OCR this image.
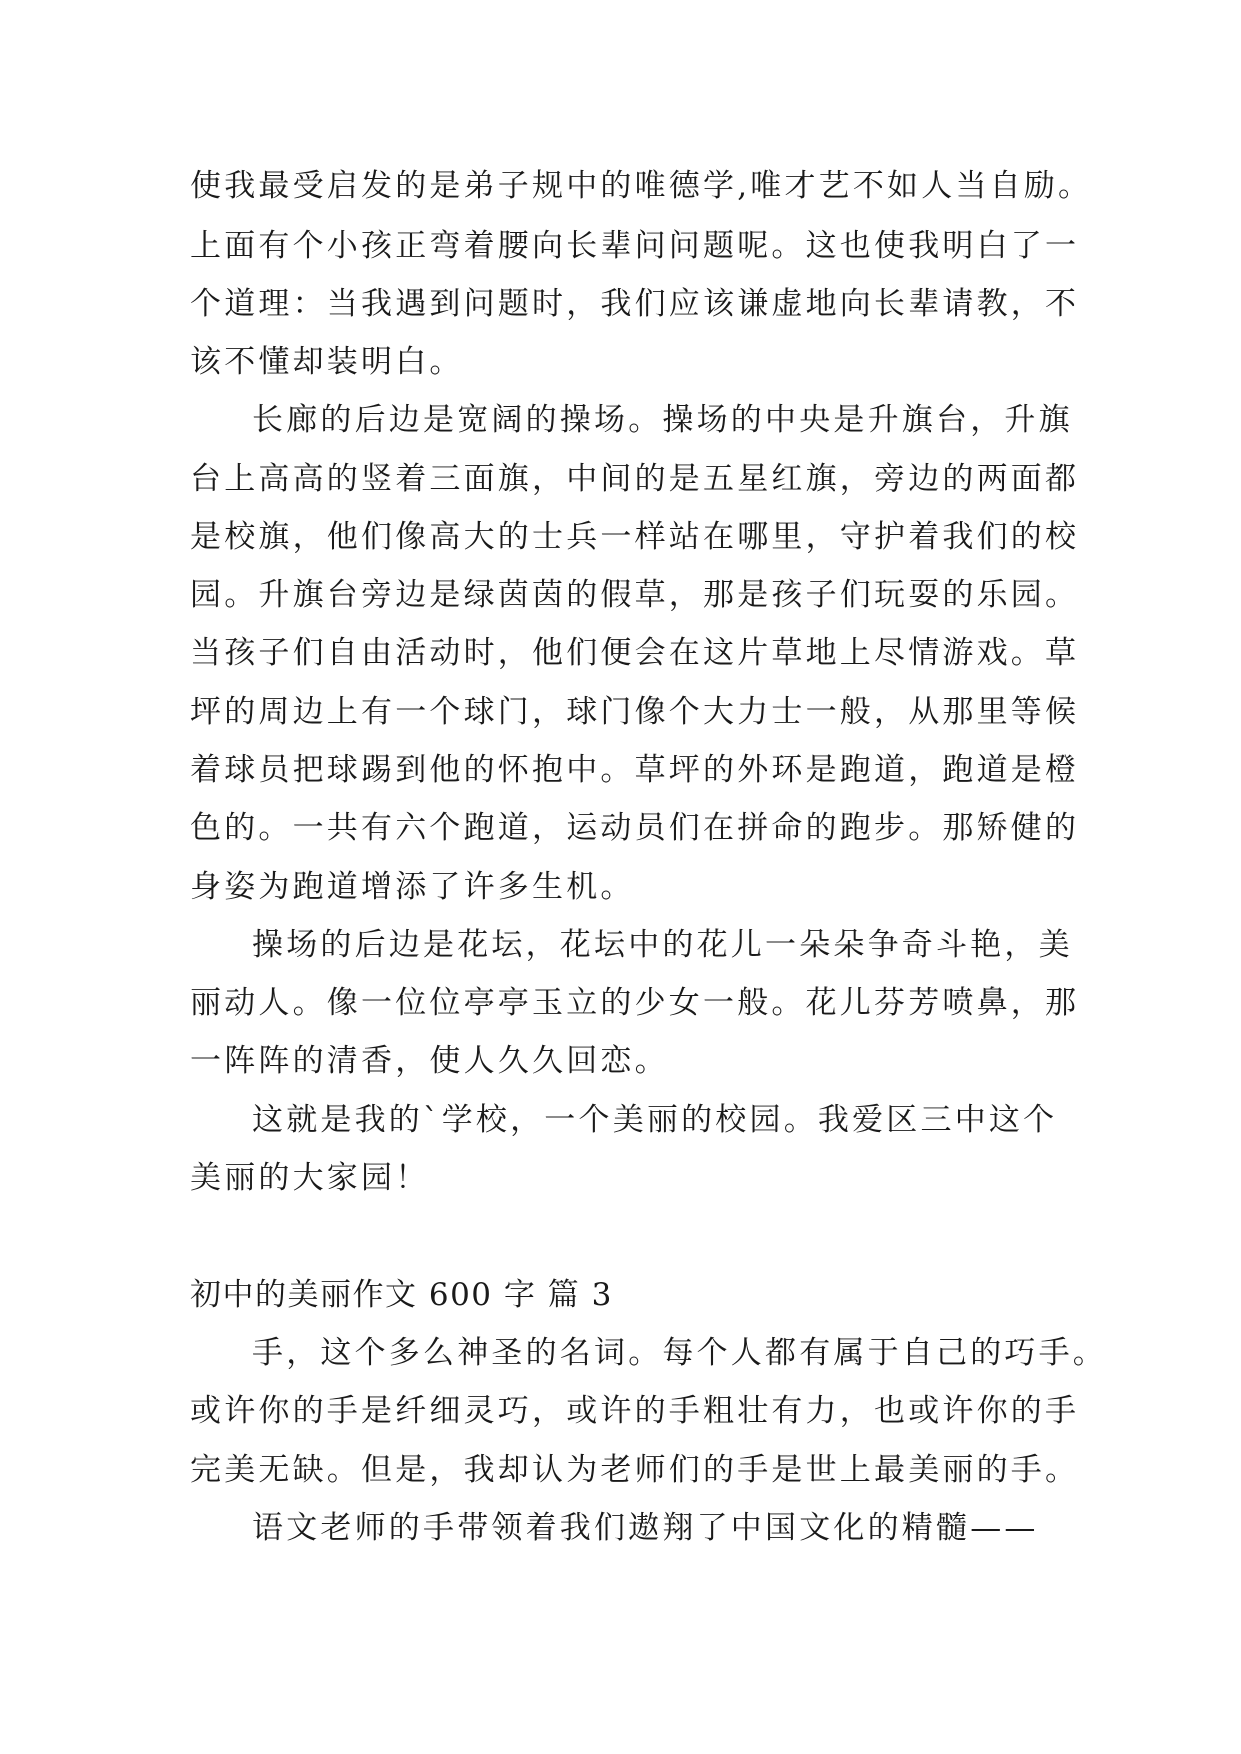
使我最受启发的是弟子规中的唯德学,唯才艺不如人当自励。
上面有个小孩正弯着腰向长辈问问题呢。这也使我明白了一
个道理：当我遇到问题时，我们应该谦虚地向长辈请教，不
该不懂却装明白。
长廊的后边是宽阔的操场。操场的中央是升旗台，升旗
台上高高的竖着三面旗，中间的是五星红旗，旁边的两面都
是校旗，他们像高大的士兵一样站在哪里，守护着我们的校
园。升旗台旁边是绿茵茵的假草，那是孩子们玩耍的乐园。
当孩子们自由活动时，他们便会在这片草地上尽情游戏。草
坪的周边上有一个球门，球门像个大力士一般，从那里等候
着球员把球踢到他的怀抱中。草坪的外环是跑道，跑道是橙
色的。一共有六个跑道，运动员们在拼命的跑步。那矫健的
身姿为跑道增添了许多生机。
操场的后边是花坛，花坛中的花儿一朵朵争奇斗艳，美
丽动人。像一位位亭亭玉立的少女一般。花儿芬芳喷鼻，那
一阵阵的清香，使人久久回恋。
这就是我的`学校，一个美丽的校园。我爱区三中这个
美丽的大家园！
初中的美丽作文 600 字 篇 3
手，这个多么神圣的名词。每个人都有属于自己的巧手。
或许你的手是纤细灵巧，或许的手粗壮有力，也或许你的手
完美无缺。但是，我却认为老师们的手是世上最美丽的手。
语文老师的手带领着我们遨翔了中国文化的精髓——
